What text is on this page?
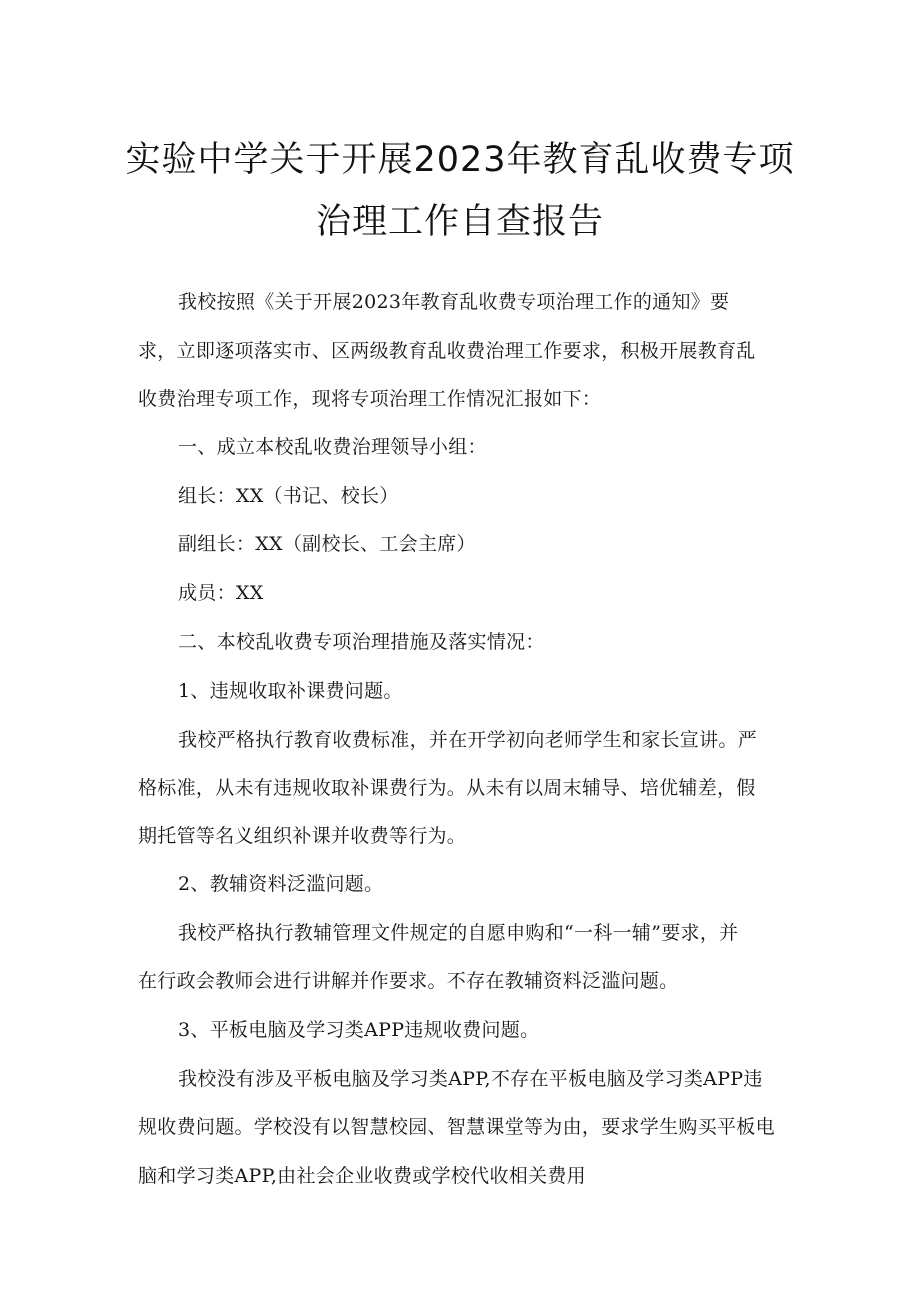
实验中学关于开展2023年教育乱收费专项
治理工作自查报告
我校按照《关于开展2023年教育乱收费专项治理工作的通知》要
求，立即逐项落实市、区两级教育乱收费治理工作要求，积极开展教育乱
收费治理专项工作，现将专项治理工作情况汇报如下：
一、成立本校乱收费治理领导小组：
组长：XX（书记、校长）
副组长：XX（副校长、工会主席）
成员：XX
二、本校乱收费专项治理措施及落实情况：
1、违规收取补课费问题。
我校严格执行教育收费标准，并在开学初向老师学生和家长宣讲。严
格标准，从未有违规收取补课费行为。从未有以周末辅导、培优辅差，假
期托管等名义组织补课并收费等行为。
2、教辅资料泛滥问题。
我校严格执行教辅管理文件规定的自愿申购和“一科一辅”要求，并
在行政会教师会进行讲解并作要求。不存在教辅资料泛滥问题。
3、平板电脑及学习类APP违规收费问题。
我校没有涉及平板电脑及学习类APP,不存在平板电脑及学习类APP违
规收费问题。学校没有以智慧校园、智慧课堂等为由，要求学生购买平板电
脑和学习类APP,由社会企业收费或学校代收相关费用
